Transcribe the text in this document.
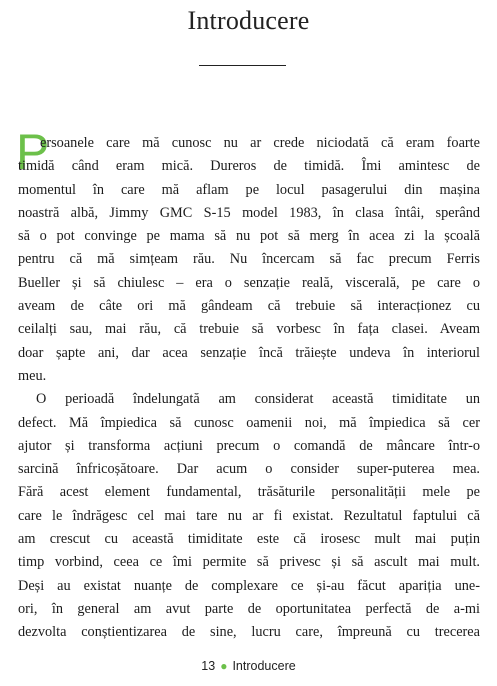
Introducere
P
ersoanele care mă cunosc nu ar crede niciodată că eram foarte
timidă când eram mică. Dureros de timidă. Îmi amintesc de
momentul în care mă aflam pe locul pasagerului din mașina
noastră albă, Jimmy GMC S-15 model 1983, în clasa întâi, sperând
să o pot convinge pe mama să nu pot să merg în acea zi la școală
pentru că mă simțeam rău. Nu încercam să fac precum Ferris
Bueller și să chiulesc – era o senzație reală, viscerală, pe care o
aveam de câte ori mă gândeam că trebuie să interacționez cu
ceilalți sau, mai rău, că trebuie să vorbesc în fața clasei. Aveam
doar șapte ani, dar acea senzație încă trăiește undeva în interiorul
meu.
O perioadă îndelungată am considerat această timiditate un
defect. Mă împiedica să cunosc oamenii noi, mă împiedica să cer
ajutor și transforma acțiuni precum o comandă de mâncare într-o
sarcină înfricoșătoare. Dar acum o consider super-puterea mea.
Fără acest element fundamental, trăsăturile personalității mele pe
care le îndrăgesc cel mai tare nu ar fi existat. Rezultatul faptului că
am crescut cu această timiditate este că irosesc mult mai puțin
timp vorbind, ceea ce îmi permite să privesc și să ascult mai mult.
Deși au existat nuanțe de complexare ce și-au făcut apariția une-
ori, în general am avut parte de oportunitatea perfectă de a-mi
dezvolta conștientizarea de sine, lucru care, împreună cu trecerea
13 ● Introducere
